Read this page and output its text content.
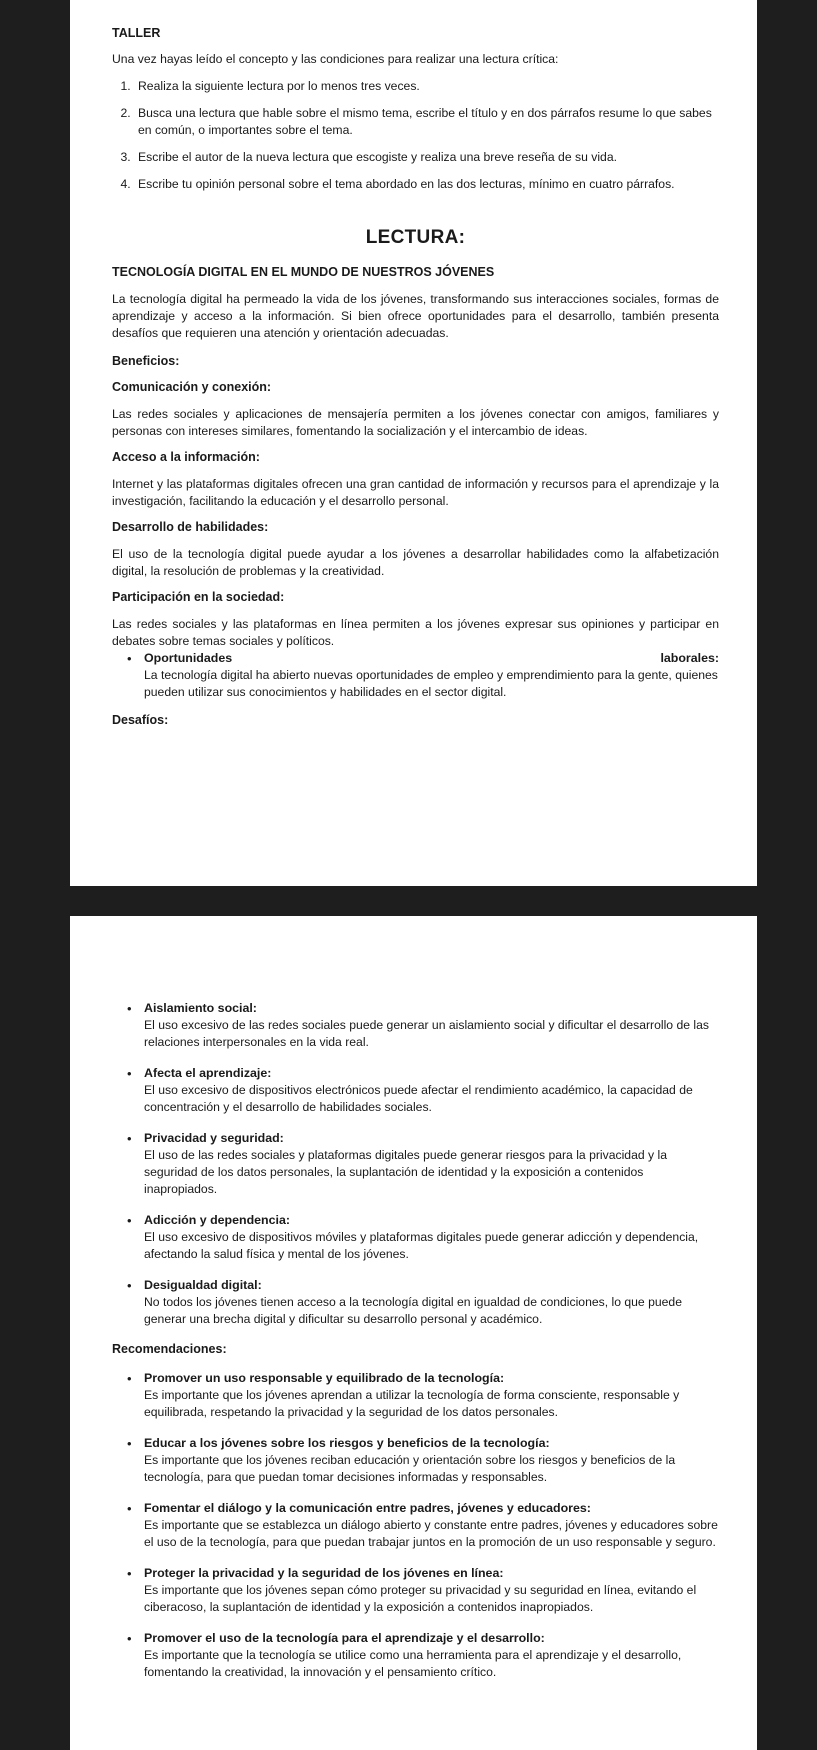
TALLER

Una vez hayas leído el concepto y las condiciones para realizar una lectura crítica:

1. Realiza la siguiente lectura por lo menos tres veces.
2. Busca una lectura que hable sobre el mismo tema, escribe el título y en dos párrafos resume lo que sabes en común, o importantes sobre el tema.
3. Escribe el autor de la nueva lectura que escogiste y realiza una breve reseña de su vida.
4. Escribe tu opinión personal sobre el tema abordado en las dos lecturas, mínimo en cuatro párrafos.

LECTURA:

TECNOLOGÍA DIGITAL EN EL MUNDO DE NUESTROS JÓVENES

La tecnología digital ha permeado la vida de los jóvenes, transformando sus interacciones sociales, formas de aprendizaje y acceso a la información. Si bien ofrece oportunidades para el desarrollo, también presenta desafíos que requieren una atención y orientación adecuadas.

Beneficios:

Comunicación y conexión:

Las redes sociales y aplicaciones de mensajería permiten a los jóvenes conectar con amigos, familiares y personas con intereses similares, fomentando la socialización y el intercambio de ideas.

Acceso a la información:

Internet y las plataformas digitales ofrecen una gran cantidad de información y recursos para el aprendizaje y la investigación, facilitando la educación y el desarrollo personal.

Desarrollo de habilidades:

El uso de la tecnología digital puede ayudar a los jóvenes a desarrollar habilidades como la alfabetización digital, la resolución de problemas y la creatividad.

Participación en la sociedad:

Las redes sociales y las plataformas en línea permiten a los jóvenes expresar sus opiniones y participar en debates sobre temas sociales y políticos.

• Oportunidades	laborales:
La tecnología digital ha abierto nuevas oportunidades de empleo y emprendimiento para la gente, quienes pueden utilizar sus conocimientos y habilidades en el sector digital.

Desafíos:

• Aislamiento social:
El uso excesivo de las redes sociales puede generar un aislamiento social y dificultar el desarrollo de las relaciones interpersonales en la vida real.
• Afecta el aprendizaje:
El uso excesivo de dispositivos electrónicos puede afectar el rendimiento académico, la capacidad de concentración y el desarrollo de habilidades sociales.
• Privacidad y seguridad:
El uso de las redes sociales y plataformas digitales puede generar riesgos para la privacidad y la seguridad de los datos personales, la suplantación de identidad y la exposición a contenidos inapropiados.
• Adicción y dependencia:
El uso excesivo de dispositivos móviles y plataformas digitales puede generar adicción y dependencia, afectando la salud física y mental de los jóvenes.
• Desigualdad digital:
No todos los jóvenes tienen acceso a la tecnología digital en igualdad de condiciones, lo que puede generar una brecha digital y dificultar su desarrollo personal y académico.

Recomendaciones:

• Promover un uso responsable y equilibrado de la tecnología:
Es importante que los jóvenes aprendan a utilizar la tecnología de forma consciente, responsable y equilibrada, respetando la privacidad y la seguridad de los datos personales.
• Educar a los jóvenes sobre los riesgos y beneficios de la tecnología:
Es importante que los jóvenes reciban educación y orientación sobre los riesgos y beneficios de la tecnología, para que puedan tomar decisiones informadas y responsables.
• Fomentar el diálogo y la comunicación entre padres, jóvenes y educadores:
Es importante que se establezca un diálogo abierto y constante entre padres, jóvenes y educadores sobre el uso de la tecnología, para que puedan trabajar juntos en la promoción de un uso responsable y seguro.
• Proteger la privacidad y la seguridad de los jóvenes en línea:
Es importante que los jóvenes sepan cómo proteger su privacidad y su seguridad en línea, evitando el ciberacoso, la suplantación de identidad y la exposición a contenidos inapropiados.
• Promover el uso de la tecnología para el aprendizaje y el desarrollo:
Es importante que la tecnología se utilice como una herramienta para el aprendizaje y el desarrollo, fomentando la creatividad, la innovación y el pensamiento crítico.
